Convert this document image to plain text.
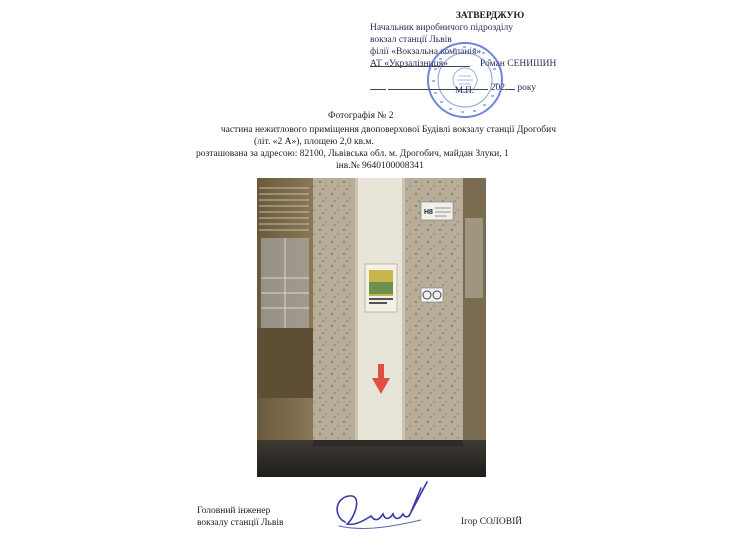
ЗАТВЕРДЖУЮ
Начальник виробничого підрозділу
вокзал станції Львів
філії «Вокзальна компанія»
АТ «Укрзалізниця»	Роман СЕНИШИН
202 року
М.П.
Фотографія № 2
частина нежитлового приміщення двоповерхової Будівлі вокзалу станції Дрогобич
(літ. «2 А»), площею 2,0 кв.м.
розташована за адресою: 82100, Львівська обл. м. Дрогобич, майдан Злуки, 1
інв.№ 9640100008341
H8
Головний інженер
вокзалу станції Львів	Ігор СОЛОВІЙ
